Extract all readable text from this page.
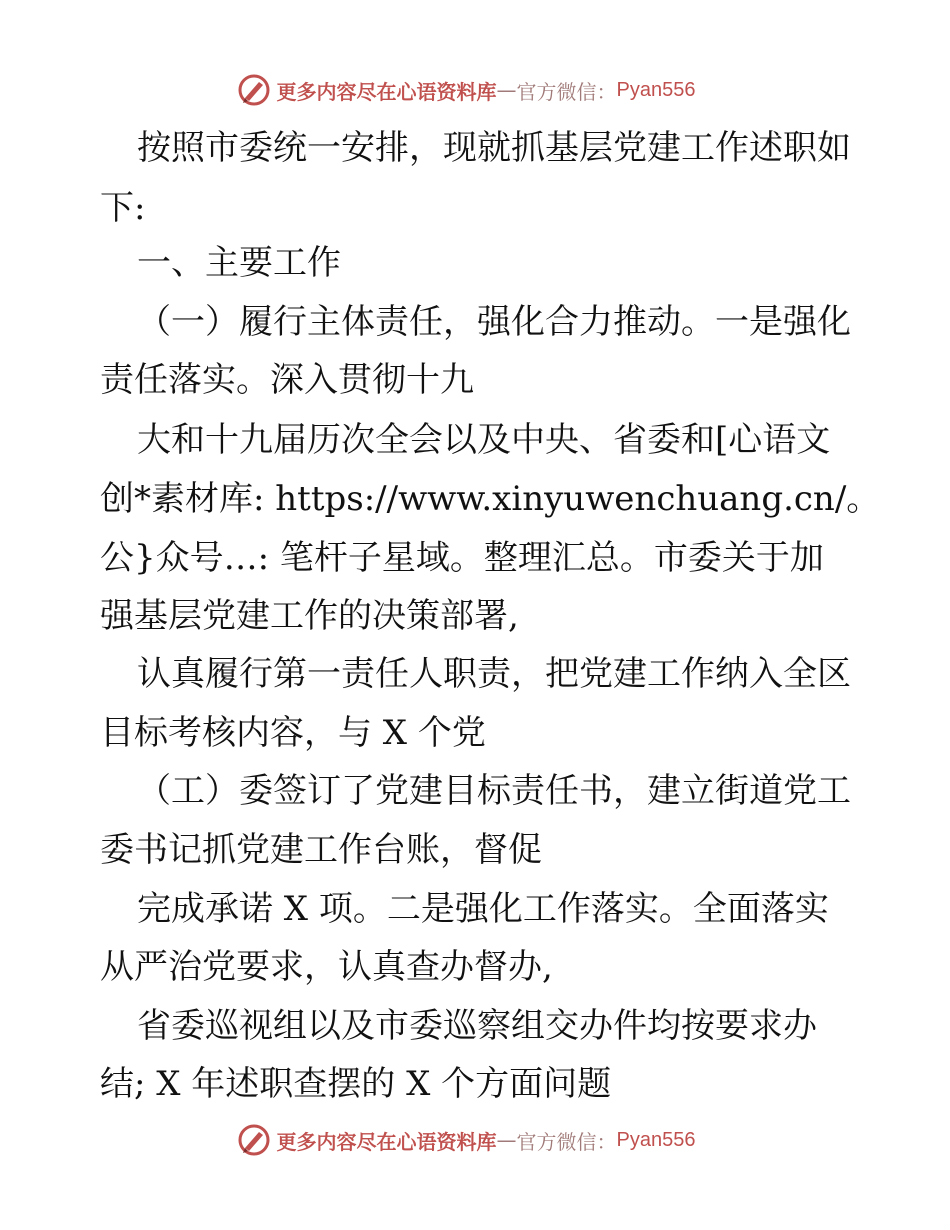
更多内容尽在心语资料库 — 官方微信： Pyan556
按照市委统一安排，现就抓基层党建工作述职如
下:
一、主要工作
（一）履行主体责任，强化合力推动。一是强化
责任落实。深入贯彻十九
大和十九届历次全会以及中央、省委和[心语文
创*素材库: https://www.xinyuwenchuang.cn/。
公}众号…: 笔杆子星域。整理汇总。市委关于加
强基层党建工作的决策部署,
认真履行第一责任人职责，把党建工作纳入全区
目标考核内容，与 X 个党
（工）委签订了党建目标责任书，建立街道党工
委书记抓党建工作台账，督促
完成承诺 X 项。二是强化工作落实。全面落实
从严治党要求，认真查办督办,
省委巡视组以及市委巡察组交办件均按要求办
结; X 年述职查摆的 X 个方面问题
更多内容尽在心语资料库 — 官方微信： Pyan556
